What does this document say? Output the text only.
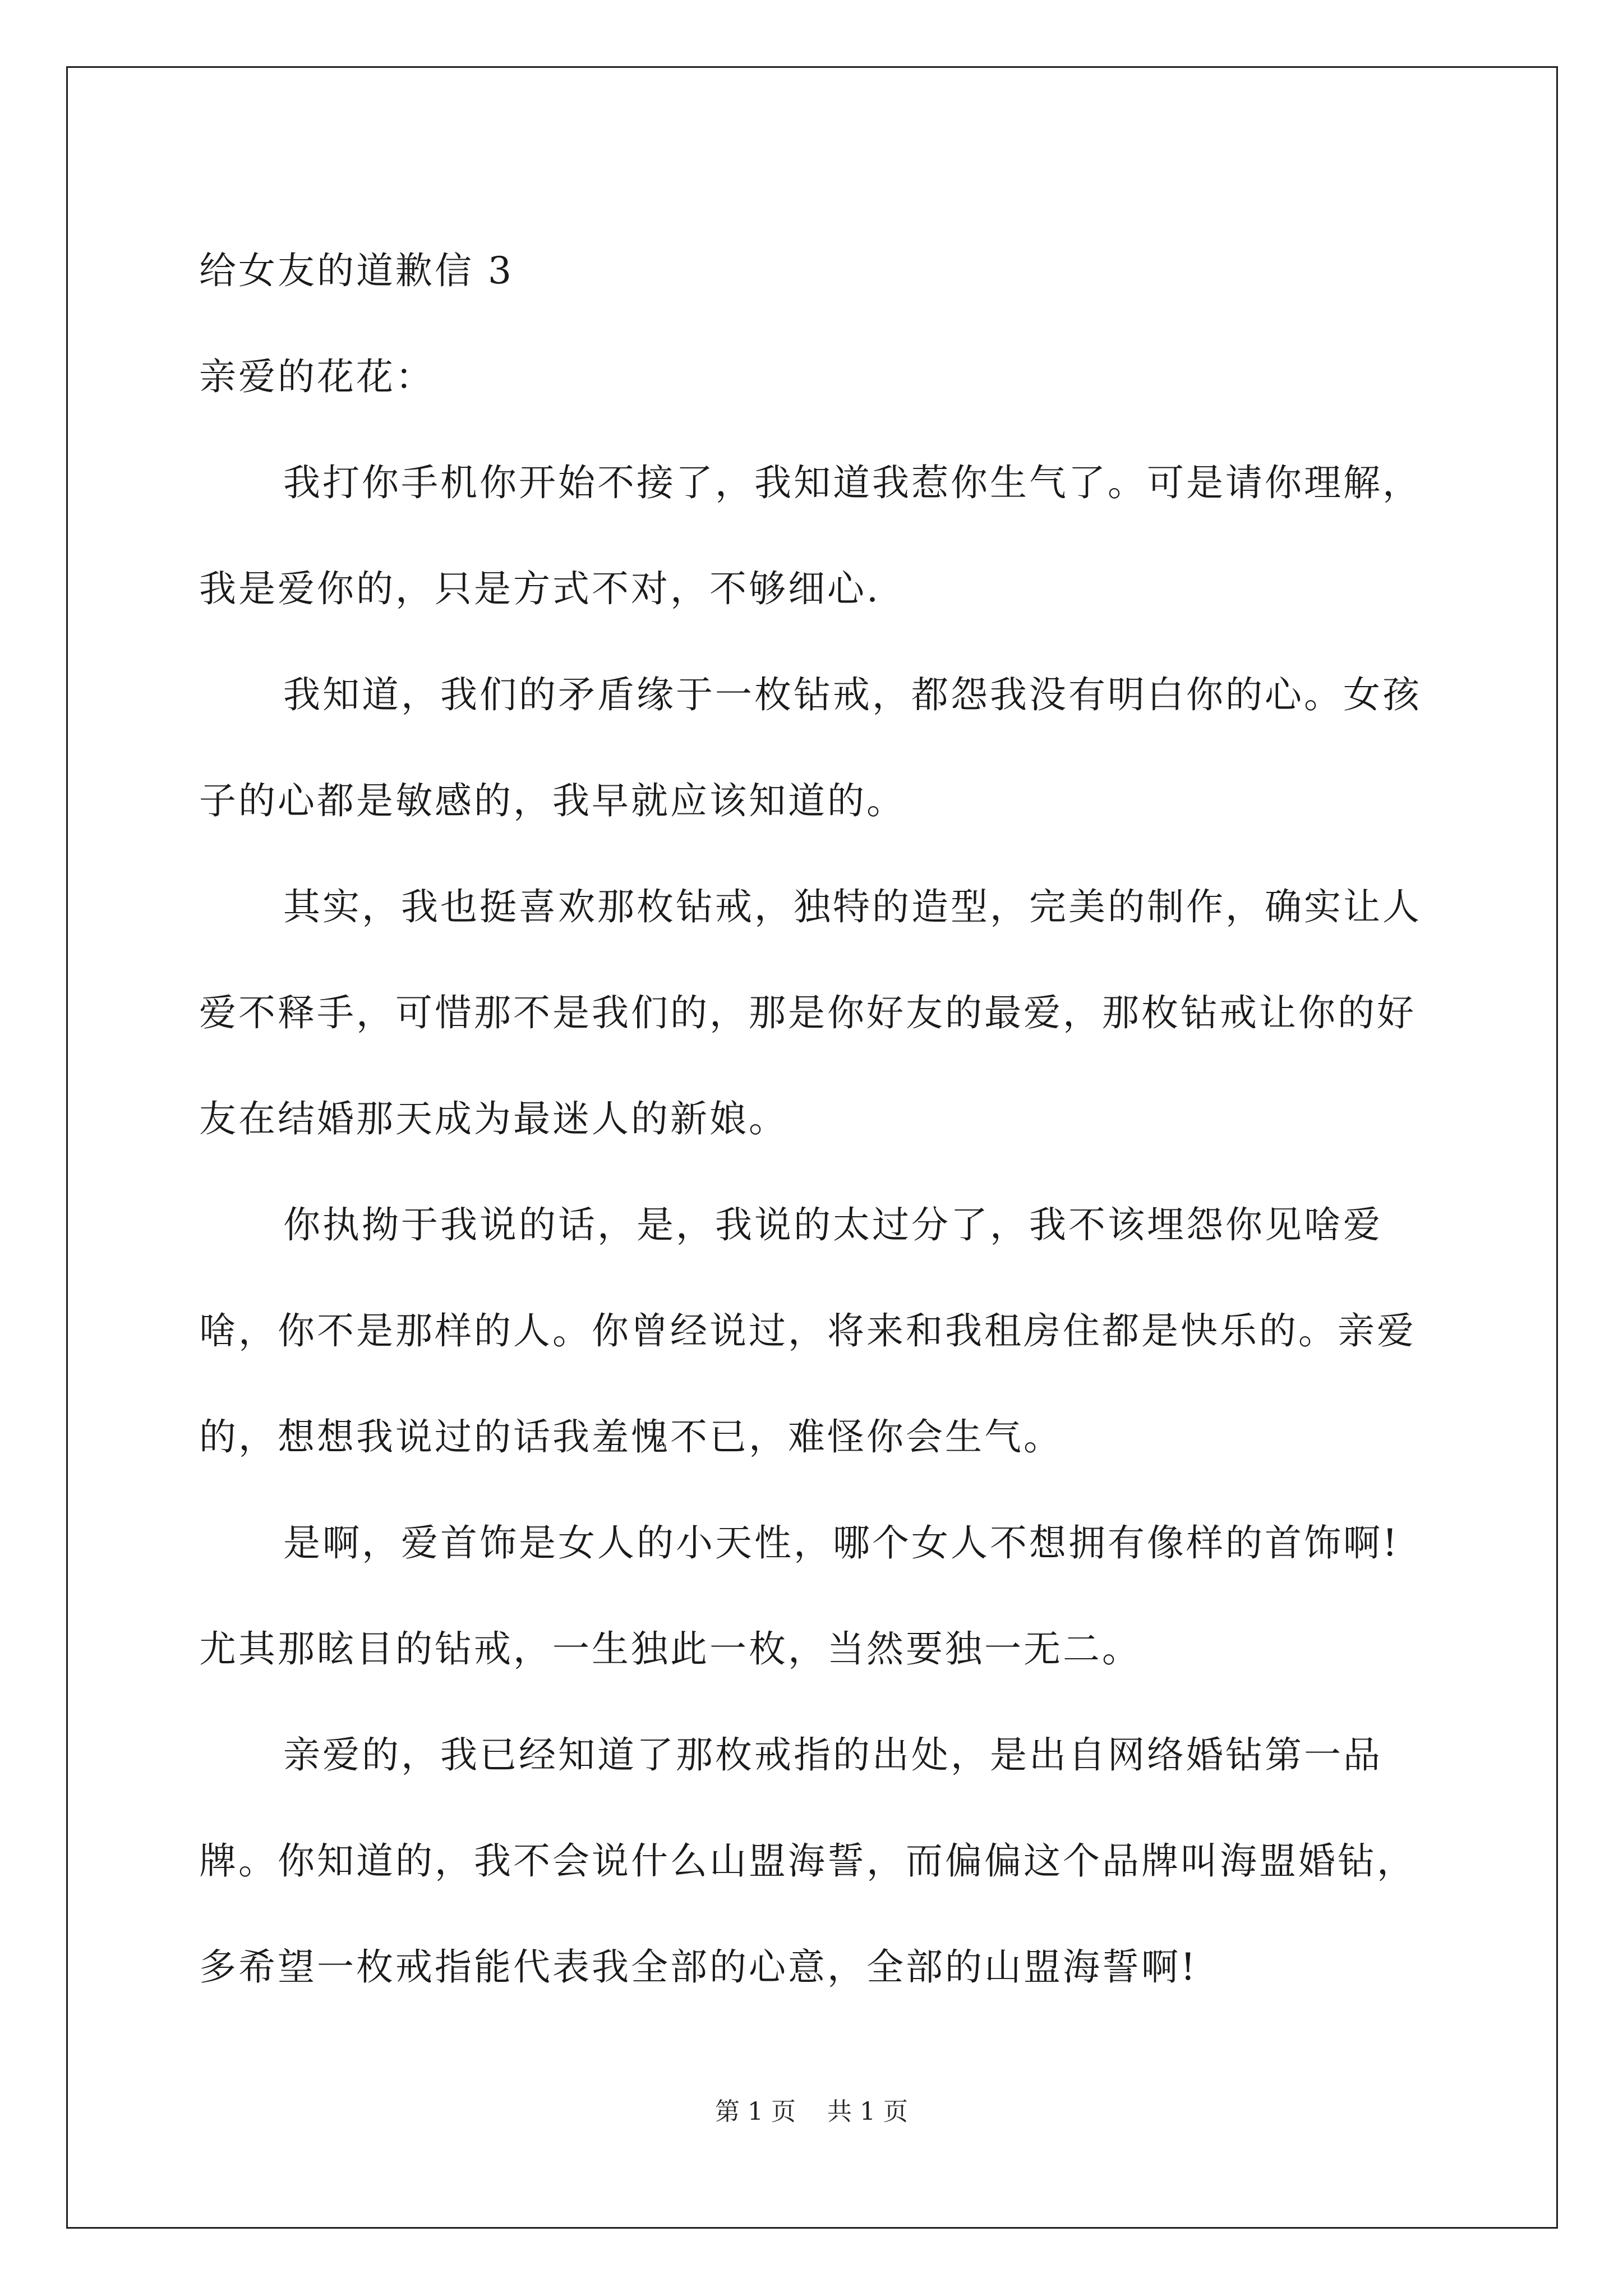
给女友的道歉信 3

亲爱的花花：

我打你手机你开始不接了，我知道我惹你生气了。可是请你理解，我是爱你的，只是方式不对，不够细心.

我知道，我们的矛盾缘于一枚钻戒，都怨我没有明白你的心。女孩子的心都是敏感的，我早就应该知道的。

其实，我也挺喜欢那枚钻戒，独特的造型，完美的制作，确实让人爱不释手，可惜那不是我们的，那是你好友的最爱，那枚钻戒让你的好友在结婚那天成为最迷人的新娘。

你执拗于我说的话，是，我说的太过分了，我不该埋怨你见啥爱啥，你不是那样的人。你曾经说过，将来和我租房住都是快乐的。亲爱的，想想我说过的话我羞愧不已，难怪你会生气。

是啊，爱首饰是女人的小天性，哪个女人不想拥有像样的首饰啊!尤其那眩目的钻戒，一生独此一枚，当然要独一无二。

亲爱的，我已经知道了那枚戒指的出处，是出自网络婚钻第一品牌。你知道的，我不会说什么山盟海誓，而偏偏这个品牌叫海盟婚钻，多希望一枚戒指能代表我全部的心意，全部的山盟海誓啊!

第 1 页 共 1 页
